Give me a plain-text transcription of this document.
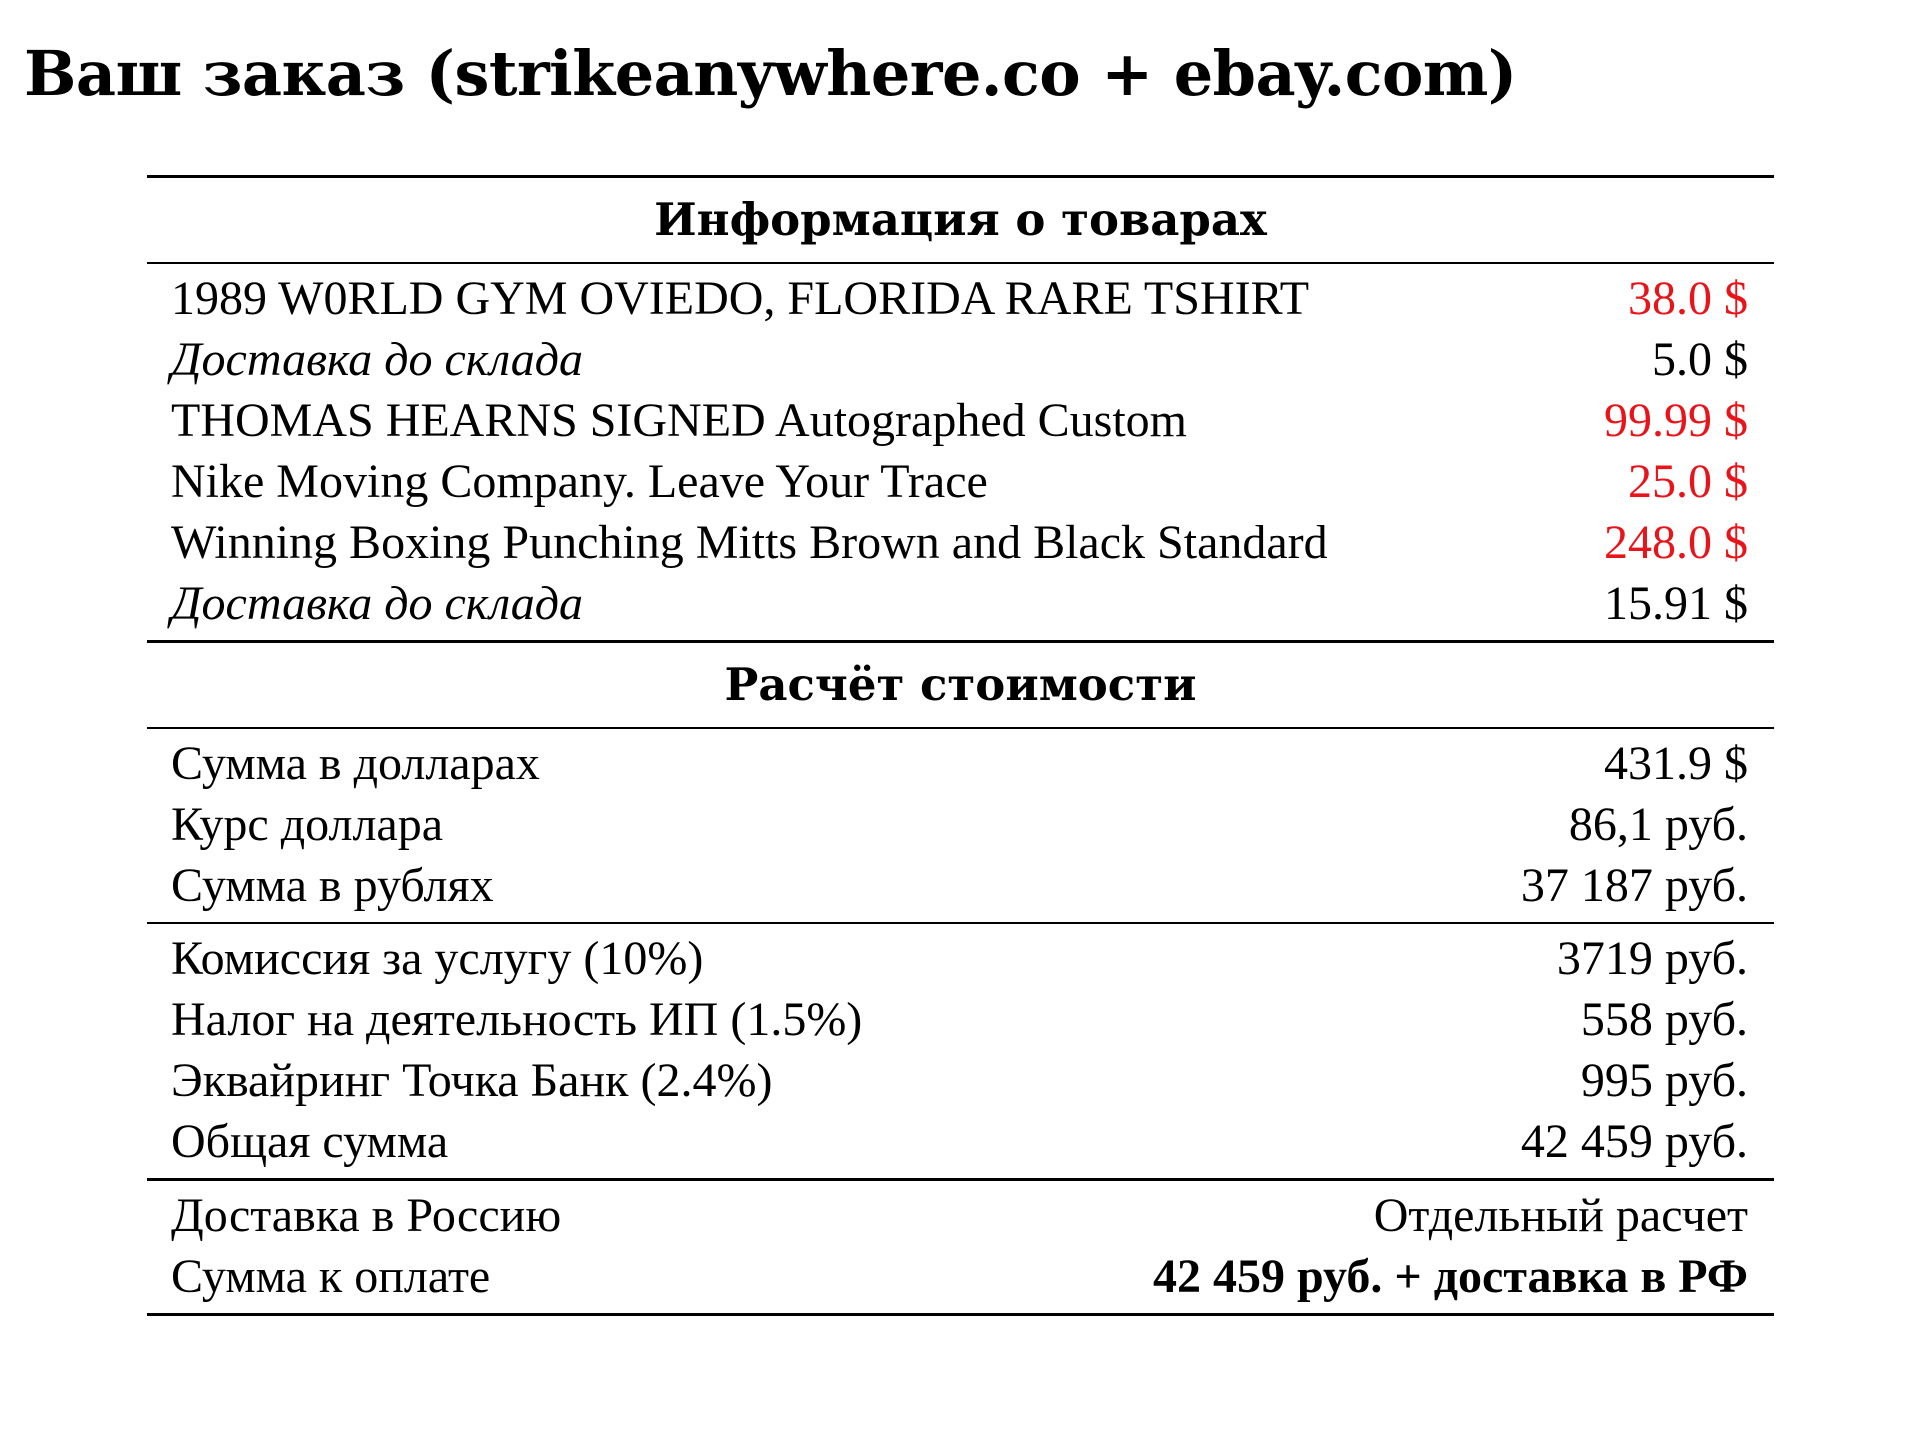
Ваш заказ (strikeanywhere.co + ebay.com)
Информация о товарах
1989 W0RLD GYM OVIEDO, FLORIDA RARE TSHIRT	38.0 $
Доставка до склада	5.0 $
THOMAS HEARNS SIGNED Autographed Custom	99.99 $
Nike Moving Company. Leave Your Trace	25.0 $
Winning Boxing Punching Mitts Brown and Black Standard	248.0 $
Доставка до склада	15.91 $
Расчёт стоимости
Сумма в долларах	431.9 $
Курс доллара	86,1 руб.
Сумма в рублях	37 187 руб.
Комиссия за услугу (10%)	3719 руб.
Налог на деятельность ИП (1.5%)	558 руб.
Эквайринг Точка Банк (2.4%)	995 руб.
Общая сумма	42 459 руб.
Доставка в Россию	Отдельный расчет
Сумма к оплате	42 459 руб. + доставка в РФ
